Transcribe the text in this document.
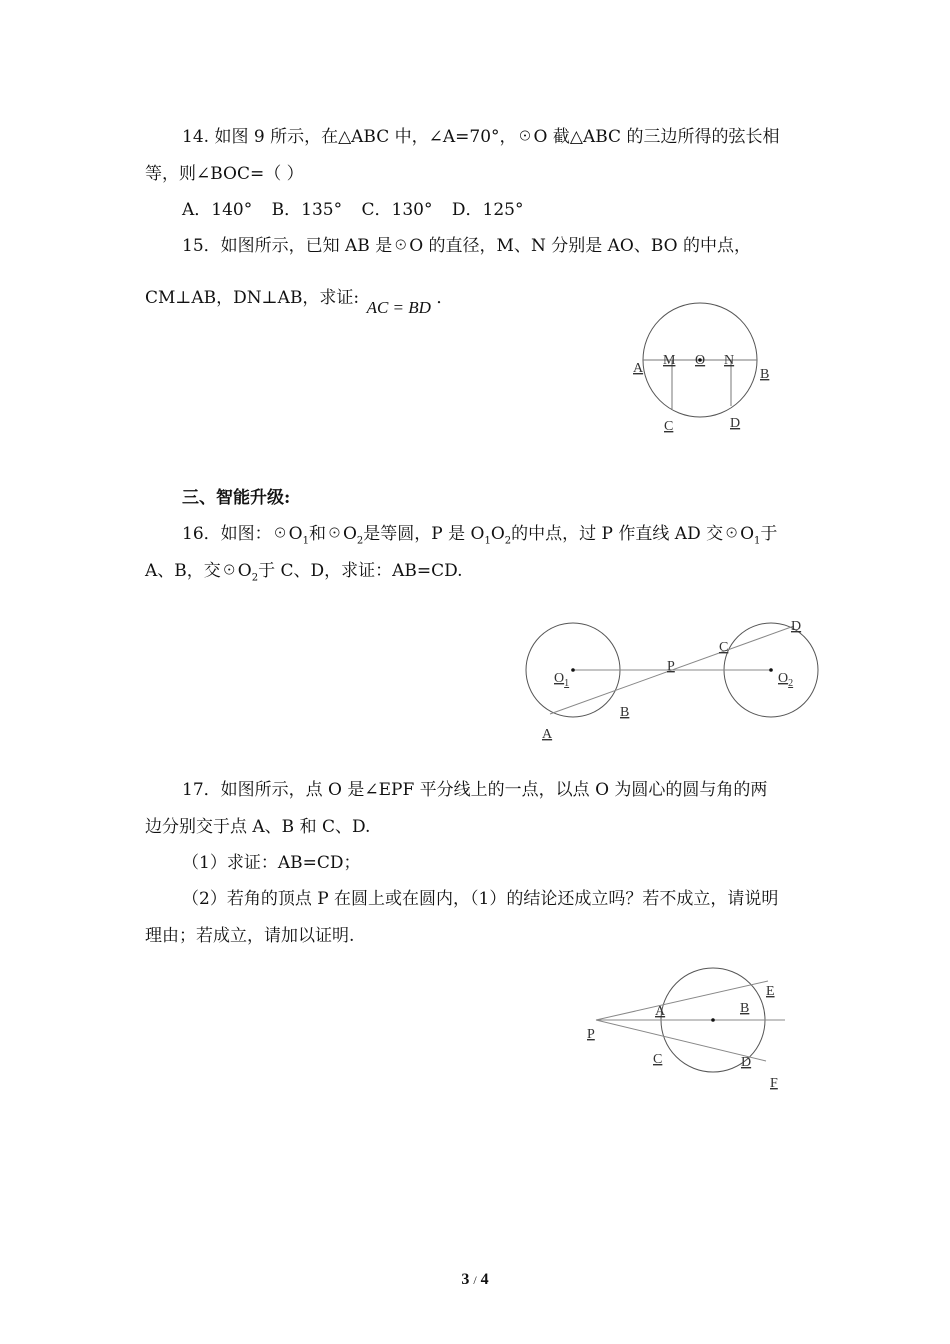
14. 如图 9 所示，在△ABC 中，∠A=70°，☉O 截△ABC 的三边所得的弦长相
等，则∠BOC=（ ）
A．140° B．135° C．130° D．125°
15．如图所示，已知 AB 是☉O 的直径，M、N 分别是 AO、BO 的中点，
CM⊥AB，DN⊥AB，求证: AC = BD ．
A
M O N
B
C	D
三、智能升级:
16．如图：$☉O_1$和$☉O_2$是等圆，P 是 $O_1O_2$的中点，过 P 作直线 AD 交$☉O_1$于
A、B，交$☉O_2$于 C、D，求证：AB=CD.
$O_1$	$O_2$
P
A
B
C
D
17．如图所示，点 O 是∠EPF 平分线上的一点，以点 O 为圆心的圆与角的两
边分别交于点 A、B 和 C、D.
（1）求证：AB=CD；
（2）若角的顶点 P 在圆上或在圆内，（1）的结论还成立吗？若不成立，请说明
理由；若成立，请加以证明.
P
A	B
C	D
E
F
3 / 4
